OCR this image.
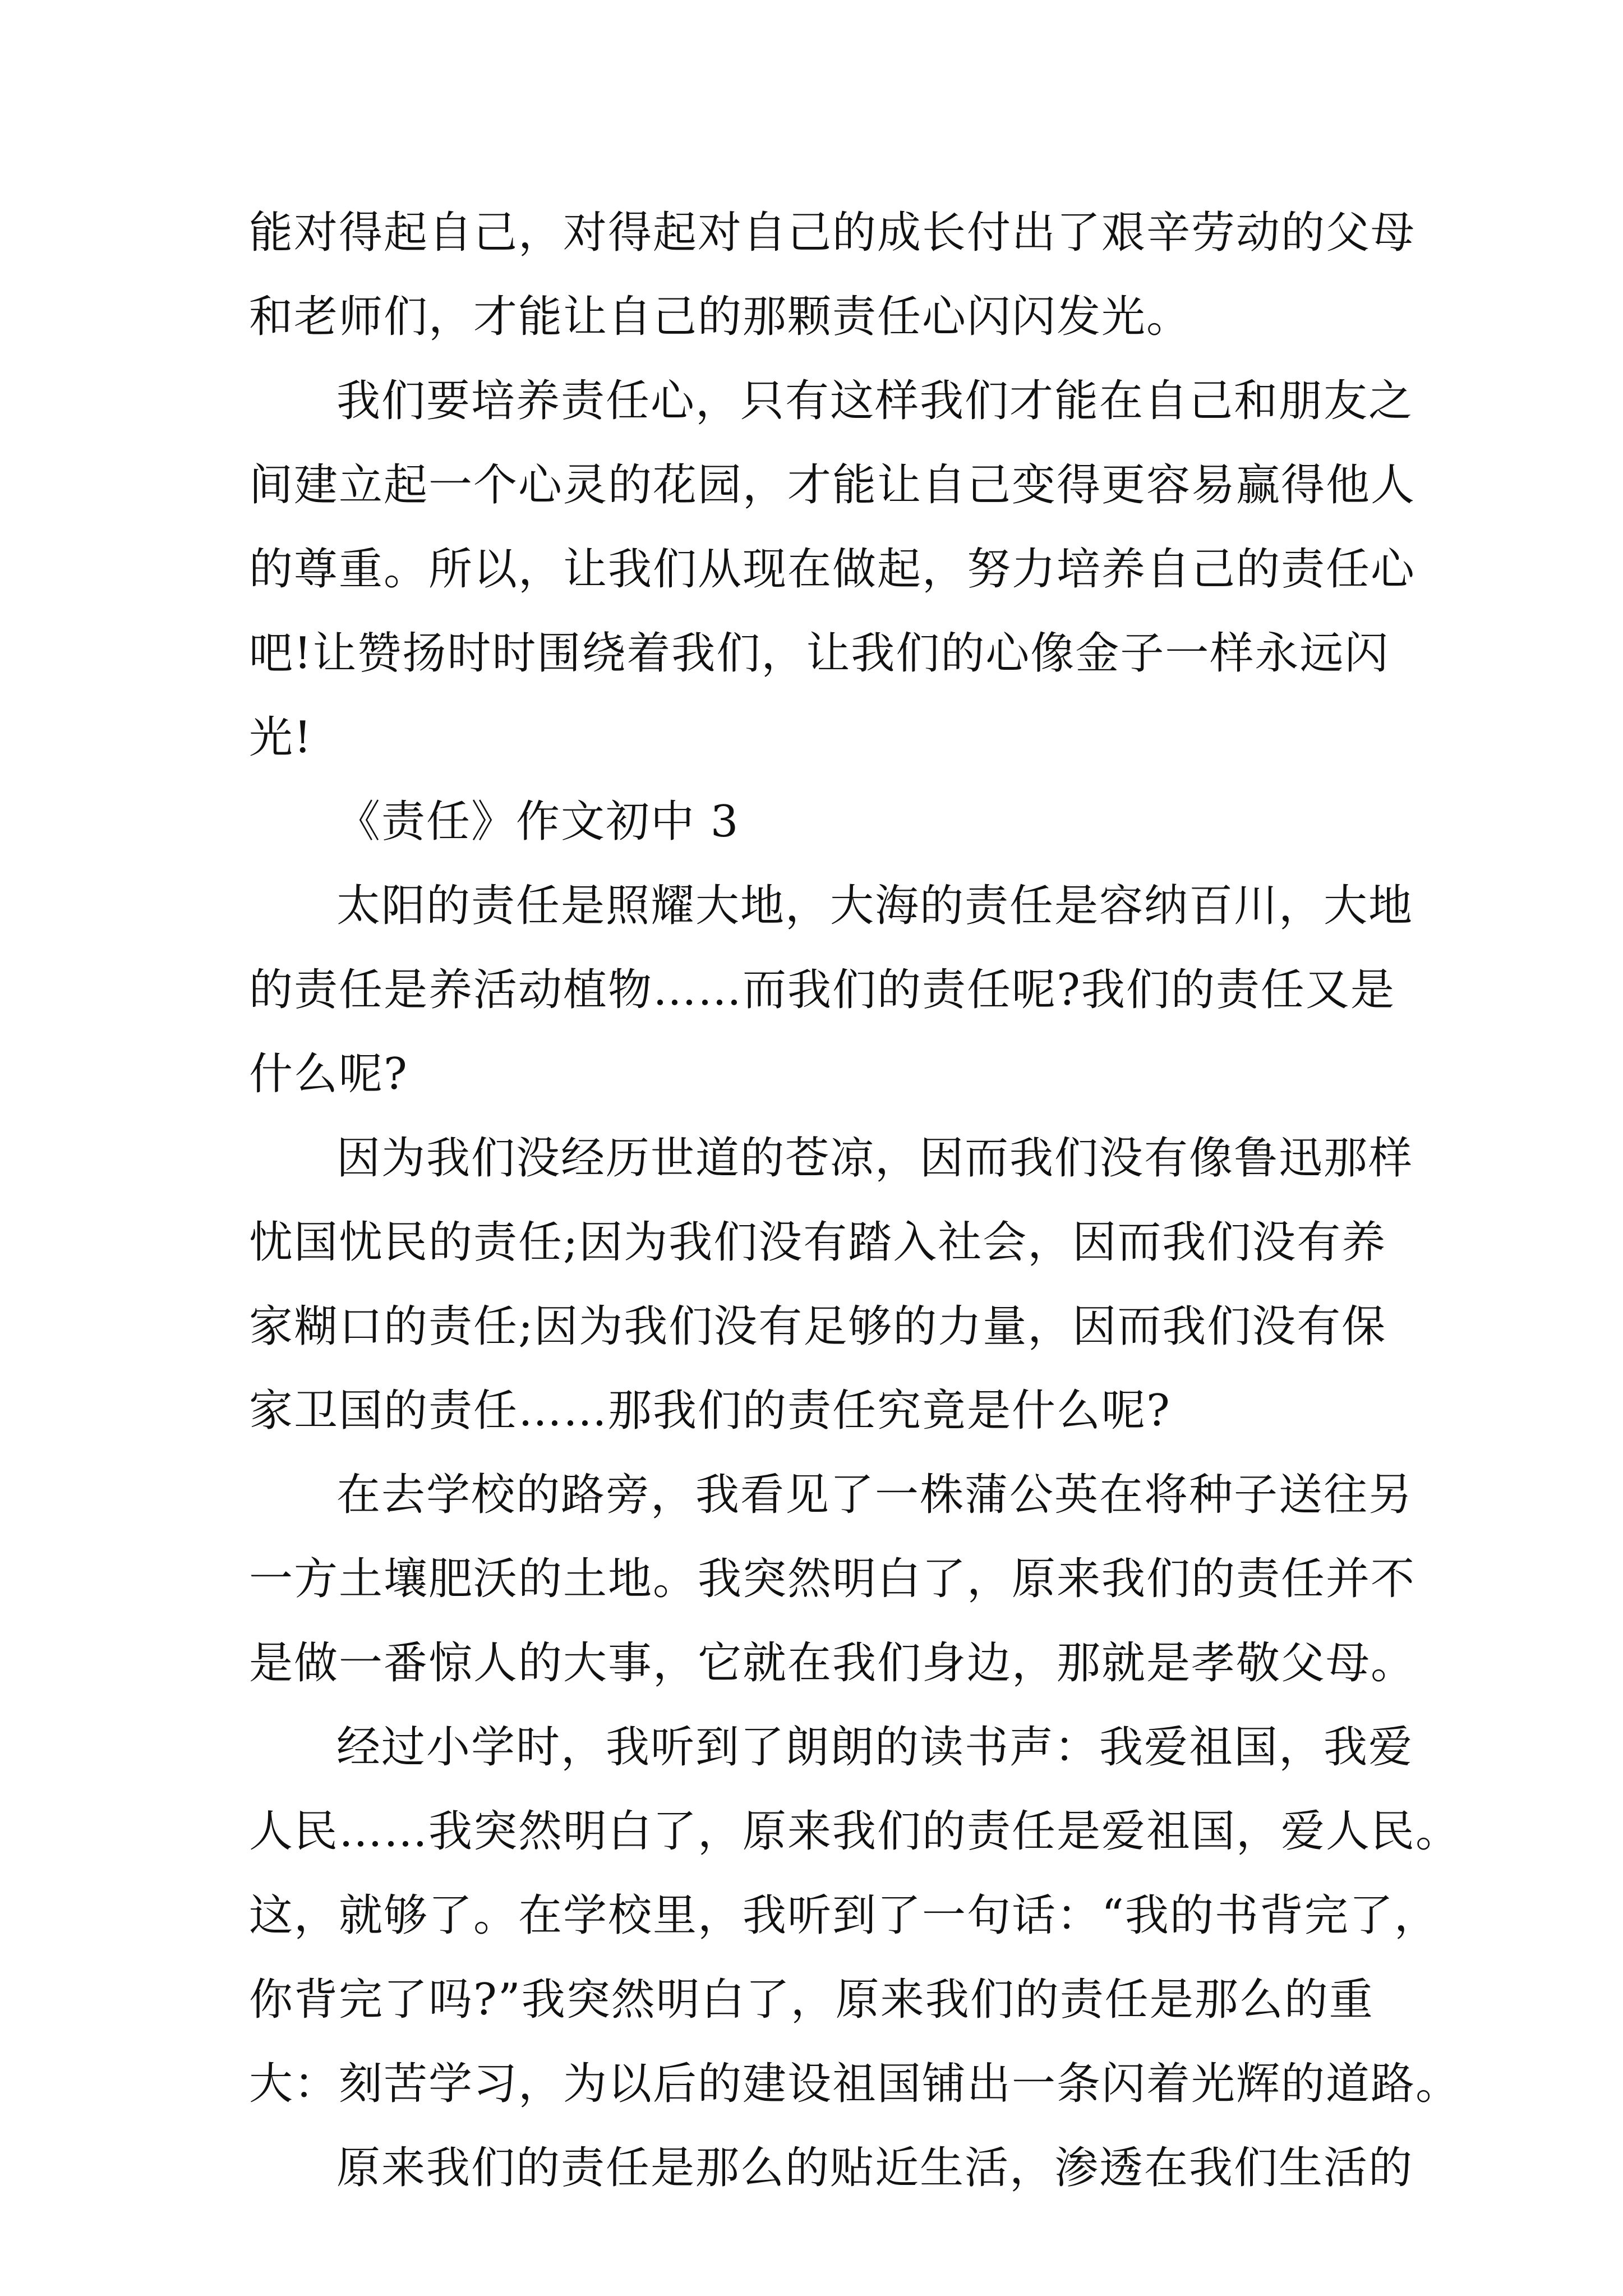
能对得起自己，对得起对自己的成长付出了艰辛劳动的父母
和老师们，才能让自己的那颗责任心闪闪发光。
我们要培养责任心，只有这样我们才能在自己和朋友之
间建立起一个心灵的花园，才能让自己变得更容易赢得他人
的尊重。所以，让我们从现在做起，努力培养自己的责任心
吧!让赞扬时时围绕着我们，让我们的心像金子一样永远闪
光!
《责任》作文初中 3
太阳的责任是照耀大地，大海的责任是容纳百川，大地
的责任是养活动植物……而我们的责任呢?我们的责任又是
什么呢?
因为我们没经历世道的苍凉，因而我们没有像鲁迅那样
忧国忧民的责任;因为我们没有踏入社会，因而我们没有养
家糊口的责任;因为我们没有足够的力量，因而我们没有保
家卫国的责任……那我们的责任究竟是什么呢?
在去学校的路旁，我看见了一株蒲公英在将种子送往另
一方土壤肥沃的土地。我突然明白了，原来我们的责任并不
是做一番惊人的大事，它就在我们身边，那就是孝敬父母。
经过小学时，我听到了朗朗的读书声：我爱祖国，我爱
人民……我突然明白了，原来我们的责任是爱祖国，爱人民。
这，就够了。在学校里，我听到了一句话：“我的书背完了，
你背完了吗?”我突然明白了，原来我们的责任是那么的重
大：刻苦学习，为以后的建设祖国铺出一条闪着光辉的道路。
原来我们的责任是那么的贴近生活，渗透在我们生活的
